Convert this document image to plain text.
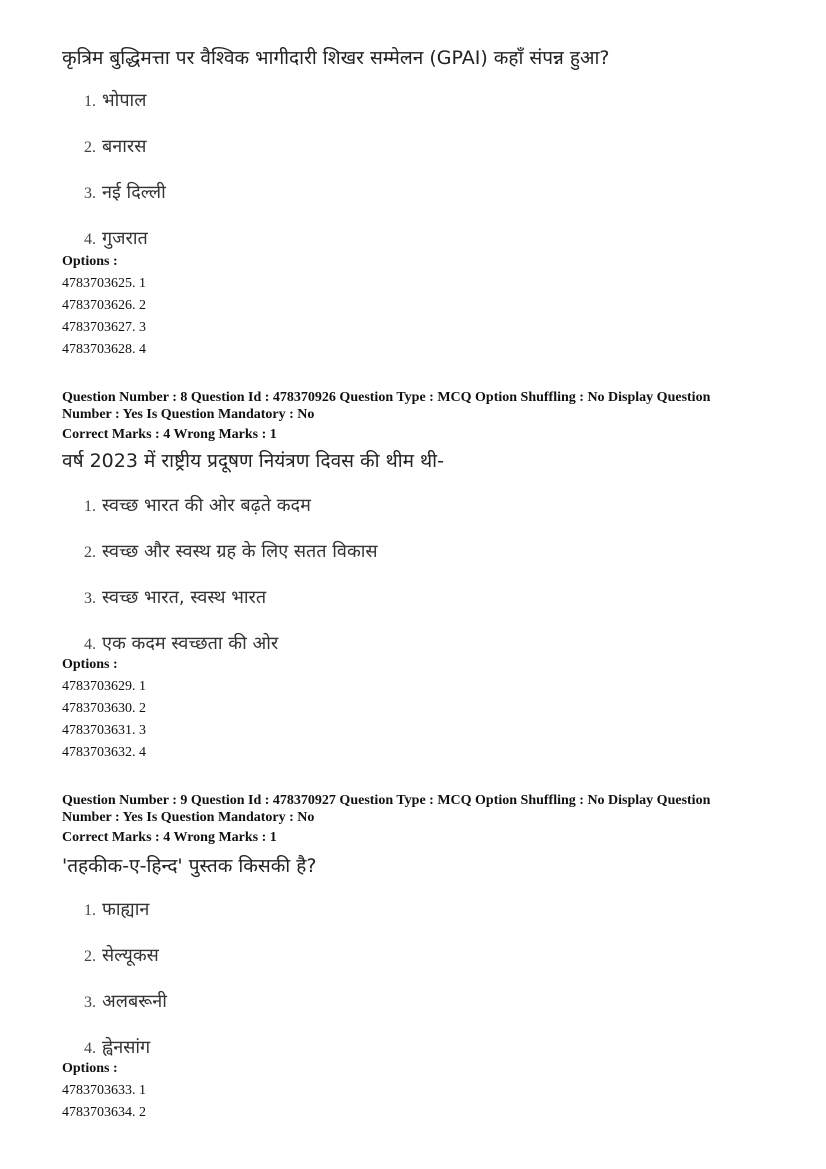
कृत्रिम बुद्धिमत्ता पर वैश्विक भागीदारी शिखर सम्मेलन (GPAI) कहाँ संपन्न हुआ?
1. भोपाल
2. बनारस
3. नई दिल्ली
4. गुजरात
Options :
4783703625. 1
4783703626. 2
4783703627. 3
4783703628. 4
Question Number : 8 Question Id : 478370926 Question Type : MCQ Option Shuffling : No Display Question
Number : Yes Is Question Mandatory : No
Correct Marks : 4 Wrong Marks : 1
वर्ष 2023 में राष्ट्रीय प्रदूषण नियंत्रण दिवस की थीम थी-
1. स्वच्छ भारत की ओर बढ़ते कदम
2. स्वच्छ और स्वस्थ ग्रह के लिए सतत विकास
3. स्वच्छ भारत, स्वस्थ भारत
4. एक कदम स्वच्छता की ओर
Options :
4783703629. 1
4783703630. 2
4783703631. 3
4783703632. 4
Question Number : 9 Question Id : 478370927 Question Type : MCQ Option Shuffling : No Display Question
Number : Yes Is Question Mandatory : No
Correct Marks : 4 Wrong Marks : 1
'तहकीक-ए-हिन्द' पुस्तक किसकी है?
1. फाह्यान
2. सेल्यूकस
3. अलबरूनी
4. ह्वेनसांग
Options :
4783703633. 1
4783703634. 2
